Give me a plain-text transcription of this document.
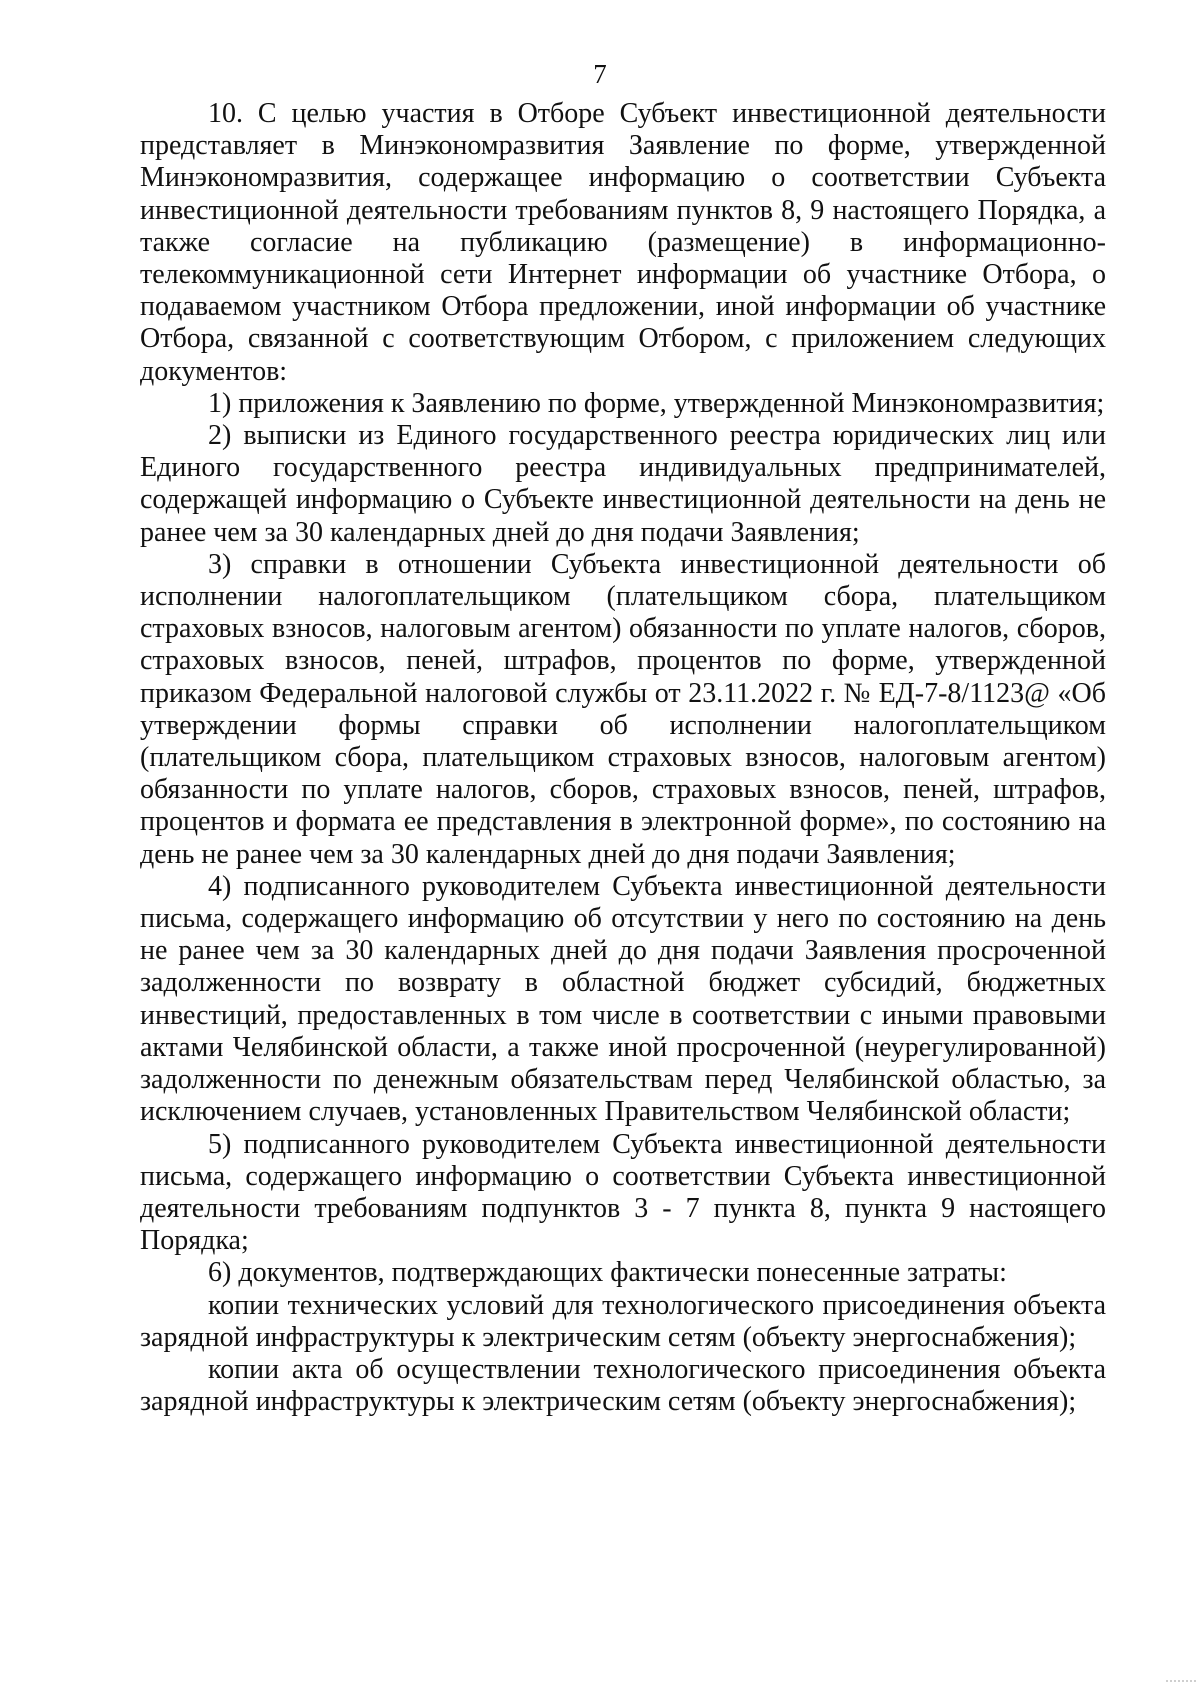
7

10. С целью участия в Отборе Субъект инвестиционной деятельности представляет в Минэкономразвития Заявление по форме, утвержденной Минэкономразвития, содержащее информацию о соответствии Субъекта инвестиционной деятельности требованиям пунктов 8, 9 настоящего Порядка, а также согласие на публикацию (размещение) в информационно-телекоммуникационной сети Интернет информации об участнике Отбора, о подаваемом участником Отбора предложении, иной информации об участнике Отбора, связанной с соответствующим Отбором, с приложением следующих документов:

1) приложения к Заявлению по форме, утвержденной Минэкономразвития;

2) выписки из Единого государственного реестра юридических лиц или Единого государственного реестра индивидуальных предпринимателей, содержащей информацию о Субъекте инвестиционной деятельности на день не ранее чем за 30 календарных дней до дня подачи Заявления;

3) справки в отношении Субъекта инвестиционной деятельности об исполнении налогоплательщиком (плательщиком сбора, плательщиком страховых взносов, налоговым агентом) обязанности по уплате налогов, сборов, страховых взносов, пеней, штрафов, процентов по форме, утвержденной приказом Федеральной налоговой службы от 23.11.2022 г. № ЕД-7-8/1123@ «Об утверждении формы справки об исполнении налогоплательщиком (плательщиком сбора, плательщиком страховых взносов, налоговым агентом) обязанности по уплате налогов, сборов, страховых взносов, пеней, штрафов, процентов и формата ее представления в электронной форме», по состоянию на день не ранее чем за 30 календарных дней до дня подачи Заявления;

4) подписанного руководителем Субъекта инвестиционной деятельности письма, содержащего информацию об отсутствии у него по состоянию на день не ранее чем за 30 календарных дней до дня подачи Заявления просроченной задолженности по возврату в областной бюджет субсидий, бюджетных инвестиций, предоставленных в том числе в соответствии с иными правовыми актами Челябинской области, а также иной просроченной (неурегулированной) задолженности по денежным обязательствам перед Челябинской областью, за исключением случаев, установленных Правительством Челябинской области;

5) подписанного руководителем Субъекта инвестиционной деятельности письма, содержащего информацию о соответствии Субъекта инвестиционной деятельности требованиям подпунктов 3 - 7 пункта 8, пункта 9 настоящего Порядка;

6) документов, подтверждающих фактически понесенные затраты:

копии технических условий для технологического присоединения объекта зарядной инфраструктуры к электрическим сетям (объекту энергоснабжения);

копии акта об осуществлении технологического присоединения объекта зарядной инфраструктуры к электрическим сетям (объекту энергоснабжения);
